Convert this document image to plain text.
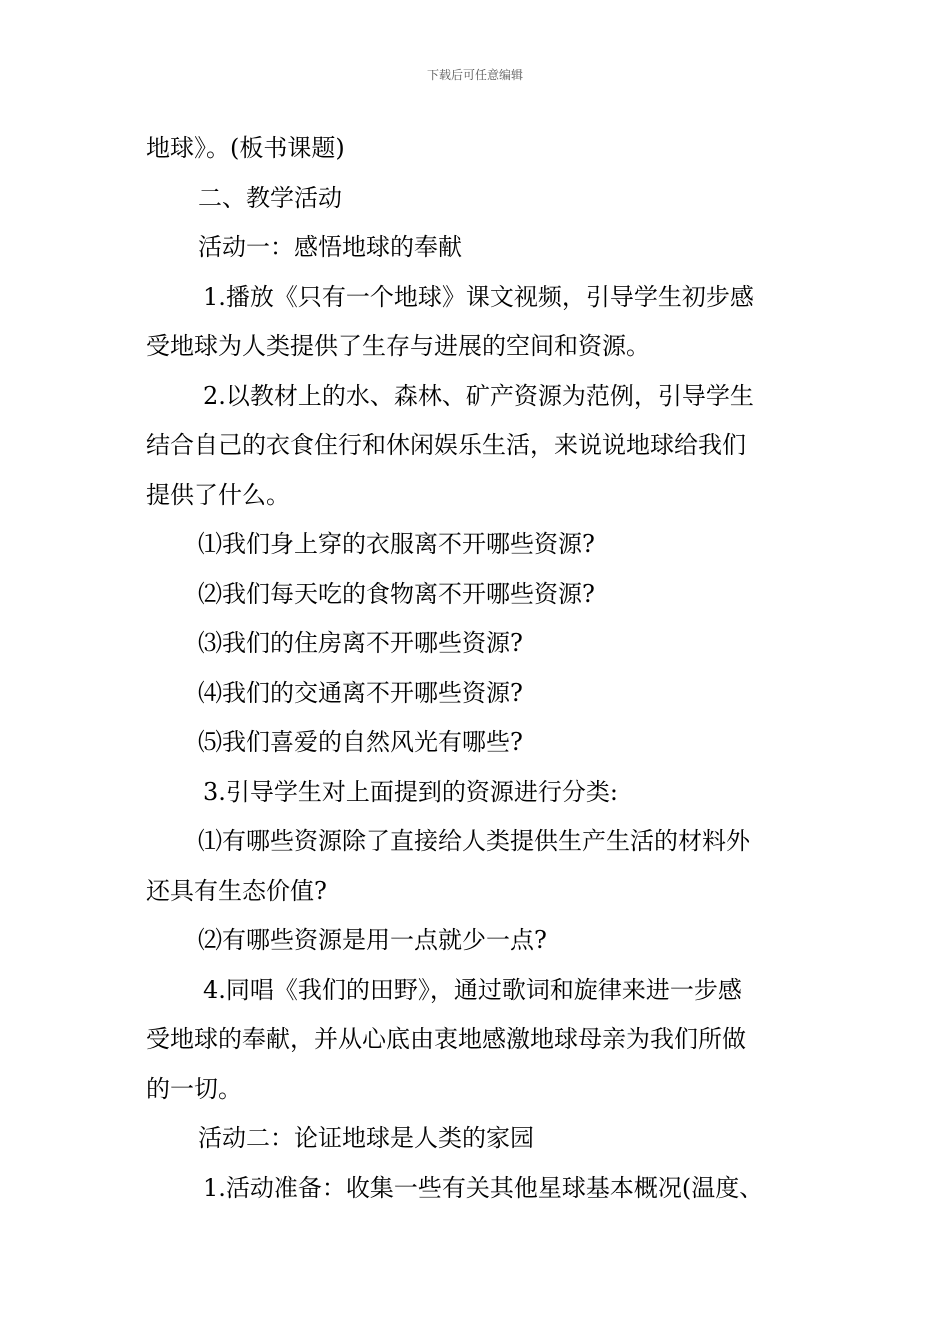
下载后可任意编辑
地球》。(板书课题)
二、教学活动
活动一：感悟地球的奉献
1.播放《只有一个地球》课文视频，引导学生初步感
受地球为人类提供了生存与进展的空间和资源。
2.以教材上的水、森林、矿产资源为范例，引导学生
结合自己的衣食住行和休闲娱乐生活，来说说地球给我们
提供了什么。
⑴我们身上穿的衣服离不开哪些资源?
⑵我们每天吃的食物离不开哪些资源?
⑶我们的住房离不开哪些资源?
⑷我们的交通离不开哪些资源?
⑸我们喜爱的自然风光有哪些?
3.引导学生对上面提到的资源进行分类:
⑴有哪些资源除了直接给人类提供生产生活的材料外
还具有生态价值?
⑵有哪些资源是用一点就少一点?
4.同唱《我们的田野》，通过歌词和旋律来进一步感
受地球的奉献，并从心底由衷地感激地球母亲为我们所做
的一切。
活动二：论证地球是人类的家园
1.活动准备：收集一些有关其他星球基本概况(温度、
